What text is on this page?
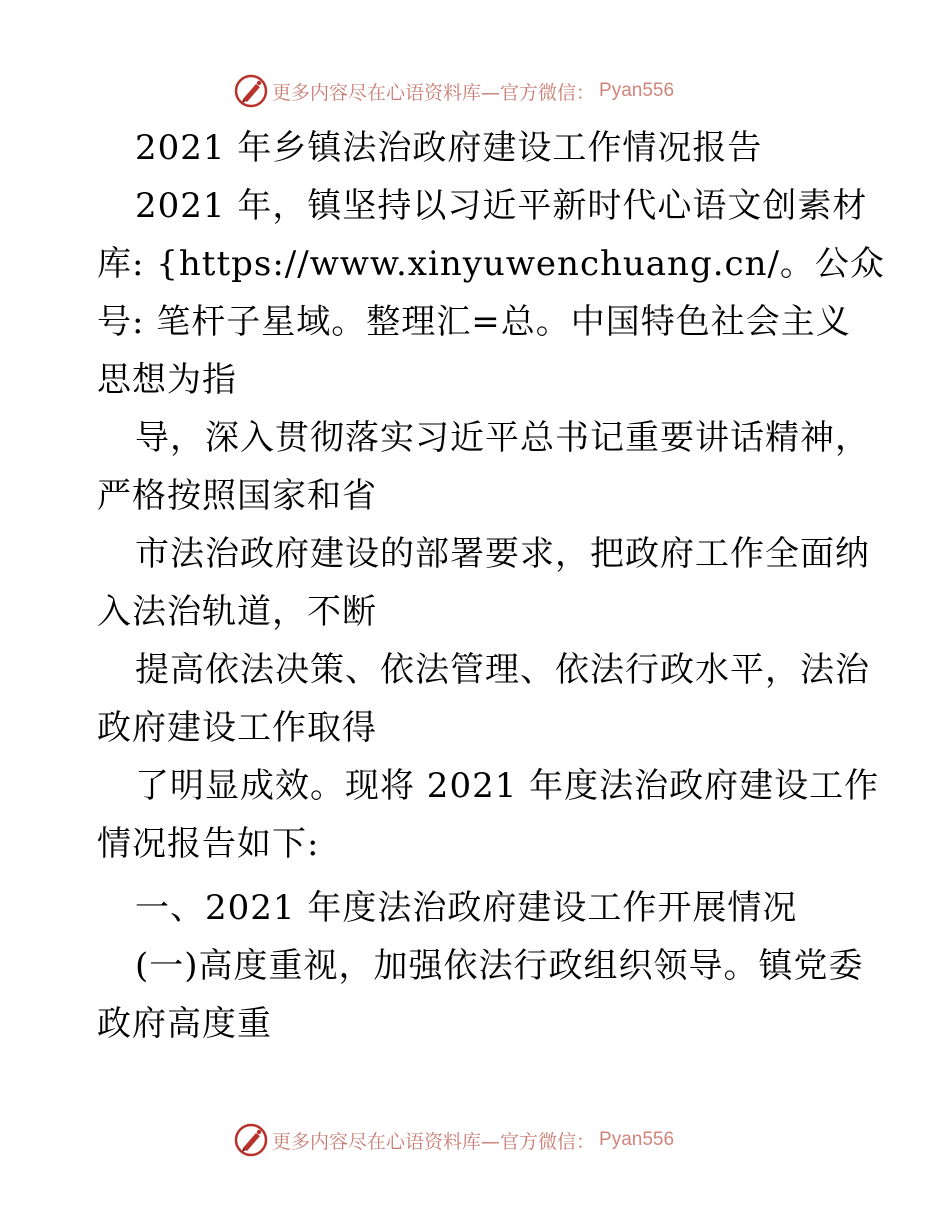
更多内容尽在心语资料库—官方微信： Pyan556
2021 年乡镇法治政府建设工作情况报告
2021 年，镇坚持以习近平新时代心语文创素材
库: {https://www.xinyuwenchuang.cn/。公众
号: 笔杆子星域。整理汇=总。中国特色社会主义
思想为指
导，深入贯彻落实习近平总书记重要讲话精神，
严格按照国家和省
市法治政府建设的部署要求，把政府工作全面纳
入法治轨道，不断
提高依法决策、依法管理、依法行政水平，法治
政府建设工作取得
了明显成效。现将 2021 年度法治政府建设工作
情况报告如下:
一、2021 年度法治政府建设工作开展情况
(一)高度重视，加强依法行政组织领导。镇党委
政府高度重
更多内容尽在心语资料库—官方微信： Pyan556
